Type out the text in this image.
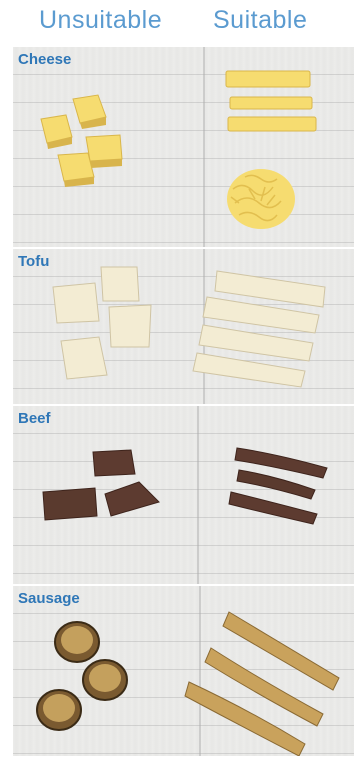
Unsuitable Suitable
Cheese
Tofu
Beef
Sausage
